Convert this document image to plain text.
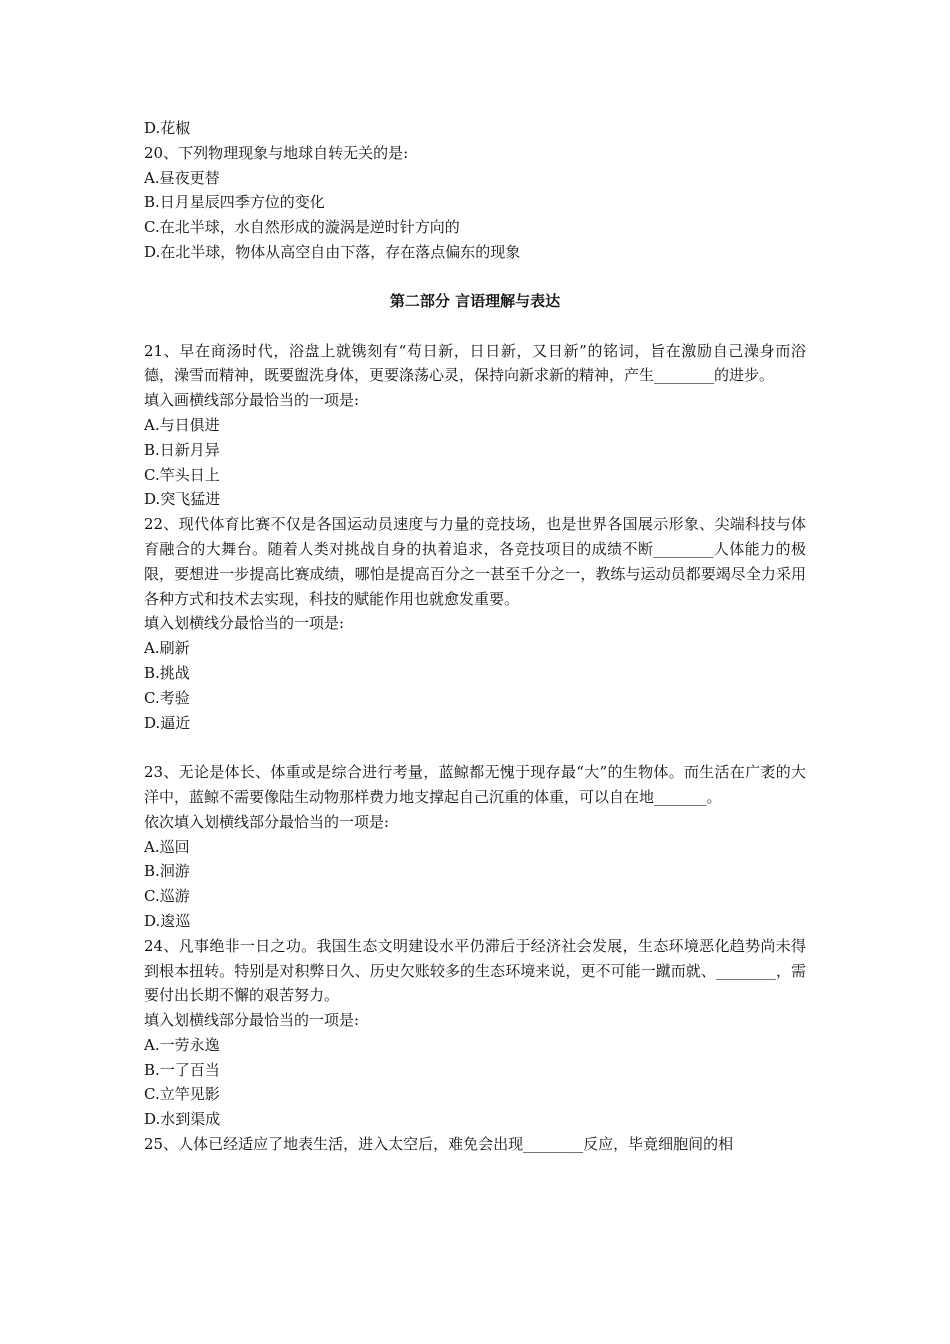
D.花椒
20、下列物理现象与地球自转无关的是:
A.昼夜更替
B.日月星辰四季方位的变化
C.在北半球，水自然形成的漩涡是逆时针方向的
D.在北半球，物体从高空自由下落，存在落点偏东的现象
第二部分 言语理解与表达
21、早在商汤时代，浴盘上就镌刻有“苟日新，日日新，又日新”的铭词，旨在激励自己澡身而浴德，澡雪而精神，既要盥洗身体，更要涤荡心灵，保持向新求新的精神，产生________的进步。
填入画横线部分最恰当的一项是:
A.与日俱进
B.日新月异
C.竿头日上
D.突飞猛进
22、现代体育比赛不仅是各国运动员速度与力量的竞技场，也是世界各国展示形象、尖端科技与体育融合的大舞台。随着人类对挑战自身的执着追求，各竞技项目的成绩不断________人体能力的极限，要想进一步提高比赛成绩，哪怕是提高百分之一甚至千分之一，教练与运动员都要竭尽全力采用各种方式和技术去实现，科技的赋能作用也就愈发重要。
填入划横线分最恰当的一项是:
A.刷新
B.挑战
C.考验
D.逼近
23、无论是体长、体重或是综合进行考量，蓝鲸都无愧于现存最“大”的生物体。而生活在广袤的大洋中，蓝鲸不需要像陆生动物那样费力地支撑起自己沉重的体重，可以自在地_______。
依次填入划横线部分最恰当的一项是:
A.巡回
B.洄游
C.巡游
D.逡巡
24、凡事绝非一日之功。我国生态文明建设水平仍滞后于经济社会发展，生态环境恶化趋势尚未得到根本扭转。特别是对积弊日久、历史欠账较多的生态环境来说，更不可能一蹴而就、________，需要付出长期不懈的艰苦努力。
填入划横线部分最恰当的一项是:
A.一劳永逸
B.一了百当
C.立竿见影
D.水到渠成
25、人体已经适应了地表生活，进入太空后，难免会出现________反应，毕竟细胞间的相
